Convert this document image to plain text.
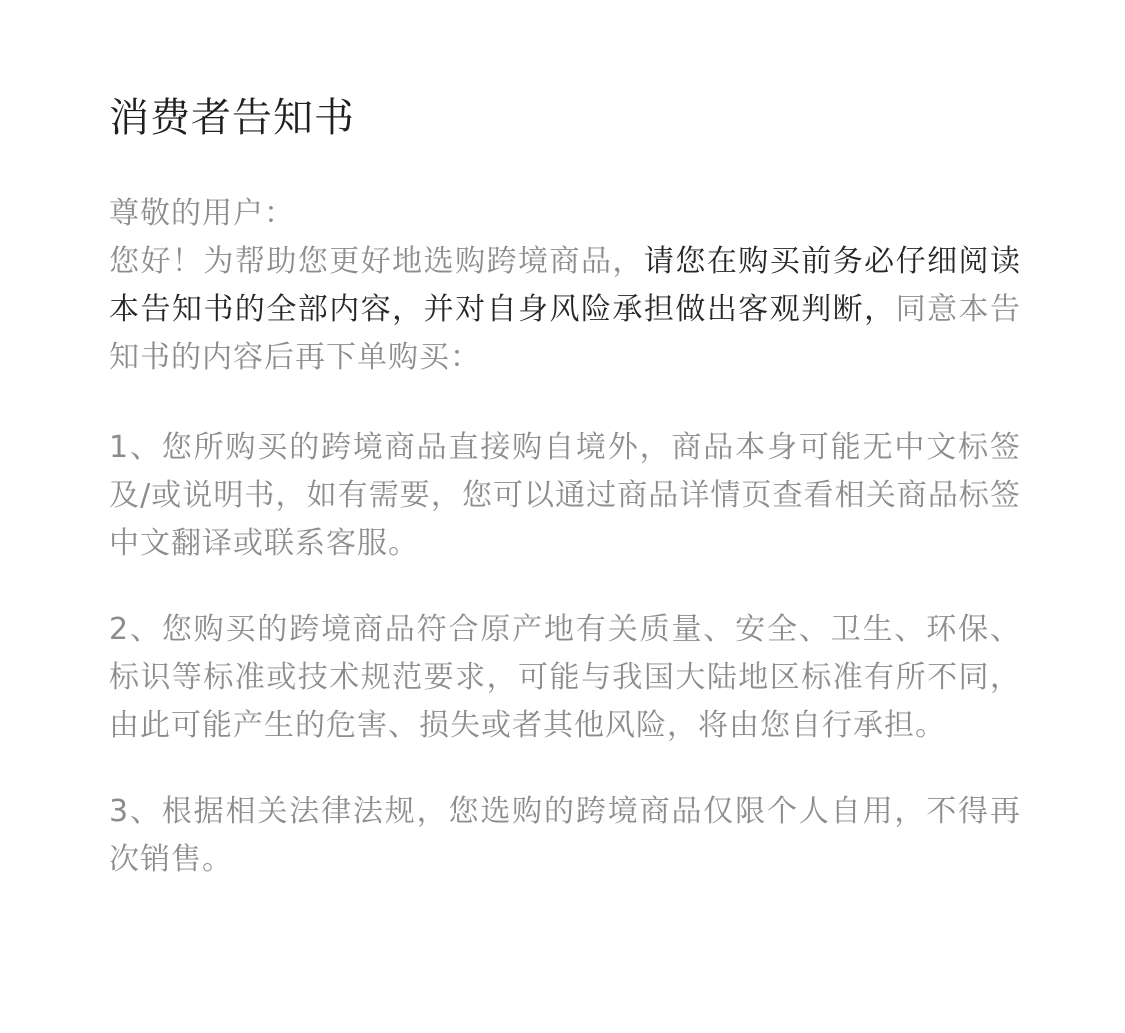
消费者告知书

尊敬的用户：

您好！为帮助您更好地选购跨境商品，请您在购买前务必仔细阅读本告知书的全部内容，并对自身风险承担做出客观判断，同意本告知书的内容后再下单购买：

1、您所购买的跨境商品直接购自境外，商品本身可能无中文标签及/或说明书，如有需要，您可以通过商品详情页查看相关商品标签中文翻译或联系客服。

2、您购买的跨境商品符合原产地有关质量、安全、卫生、环保、标识等标准或技术规范要求，可能与我国大陆地区标准有所不同，由此可能产生的危害、损失或者其他风险，将由您自行承担。

3、根据相关法律法规，您选购的跨境商品仅限个人自用，不得再次销售。
